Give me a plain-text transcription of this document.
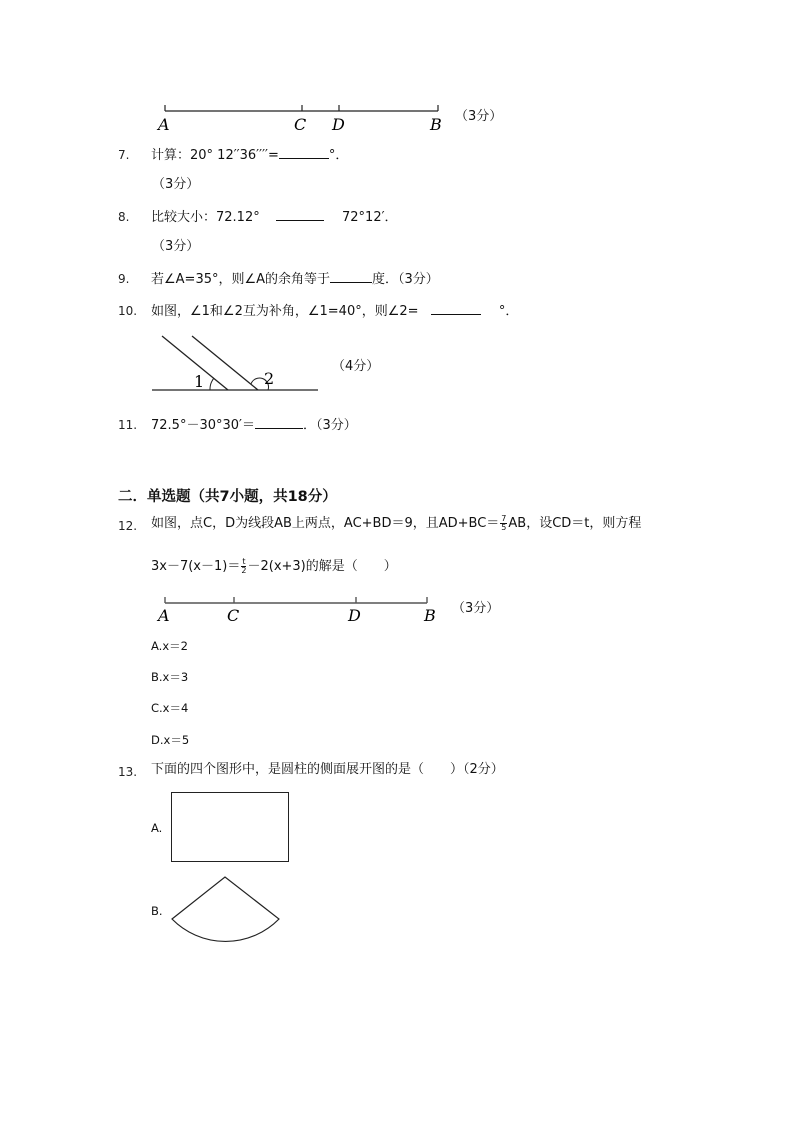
A	C D	B （3分）
7. 计算：20° 12′′36′′′′=	°．
（3分）
8. 比较大小：72.12°	72°12′．
（3分）
9. 若∠A=35°，则∠A的余角等于	度．（3分）
10. 如图，∠1和∠2互为补角，∠1=40°，则∠2=	°．
1	2
（4分）
11. 72.5°－30°30′＝	．（3分）
二．单选题（共7小题，共18分）
12. 如图，点C，D为线段AB上两点，AC+BD＝9，且$AD+BC= \frac{7}{5}$ AB，设CD＝t，则方程
$3x-7(x-1)= \frac{t}{2} -2(x+3)$的解是（　　）
A	C	D	B （3分）
A.x＝2
B.x＝3
C.x＝4
D.x＝5
13. 下面的四个图形中，是圆柱的侧面展开图的是（　　）（2分）
A.
B.
